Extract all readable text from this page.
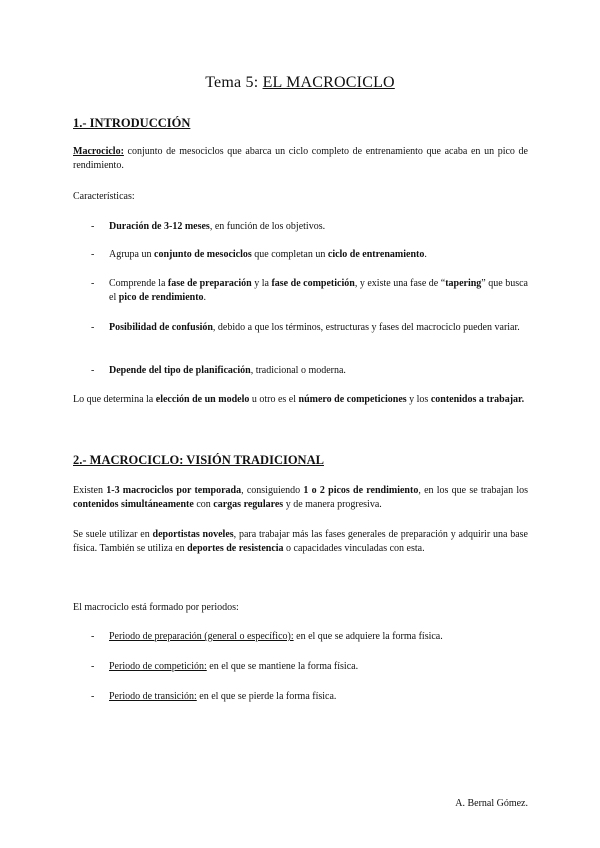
Tema 5: EL MACROCICLO
1.- INTRODUCCIÓN
Macrociclo: conjunto de mesociclos que abarca un ciclo completo de entrenamiento que acaba en un pico de rendimiento.
Características:
- Duración de 3-12 meses, en función de los objetivos.
- Agrupa un conjunto de mesociclos que completan un ciclo de entrenamiento.
- Comprende la fase de preparación y la fase de competición, y existe una fase de “tapering” que busca el pico de rendimiento.
- Posibilidad de confusión, debido a que los términos, estructuras y fases del macrociclo pueden variar.
- Depende del tipo de planificación, tradicional o moderna.
Lo que determina la elección de un modelo u otro es el número de competiciones y los contenidos a trabajar.
2.- MACROCICLO: VISIÓN TRADICIONAL
Existen 1-3 macrociclos por temporada, consiguiendo 1 o 2 picos de rendimiento, en los que se trabajan los contenidos simultáneamente con cargas regulares y de manera progresiva.
Se suele utilizar en deportistas noveles, para trabajar más las fases generales de preparación y adquirir una base física. También se utiliza en deportes de resistencia o capacidades vinculadas con esta.
El macrociclo está formado por periodos:
- Periodo de preparación (general o específico): en el que se adquiere la forma física.
- Periodo de competición: en el que se mantiene la forma física.
- Periodo de transición: en el que se pierde la forma física.
A. Bernal Gómez.
